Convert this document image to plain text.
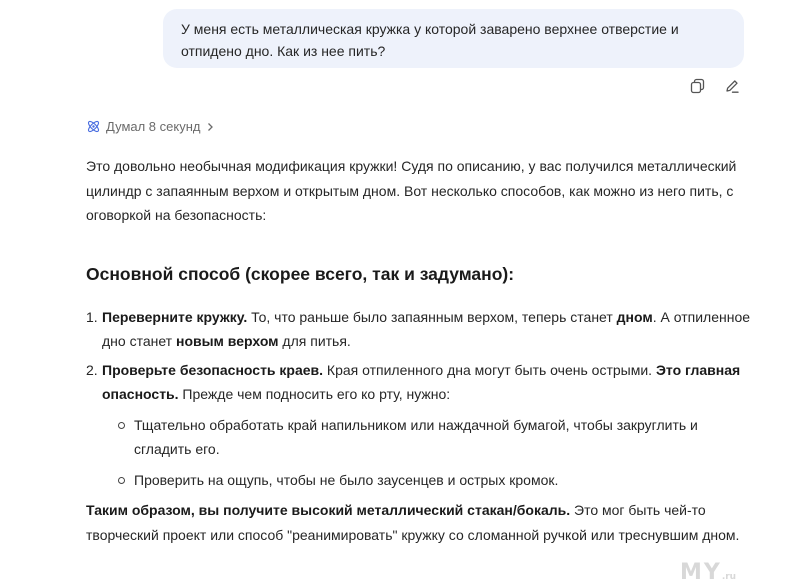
У меня есть металлическая кружка у которой заварено верхнее отверстие и отпидено дно. Как из нее пить?
Думал 8 секунд

Это довольно необычная модификация кружки! Судя по описанию, у вас получился металлический цилиндр с запаянным верхом и открытым дном. Вот несколько способов, как можно из него пить, с оговоркой на безопасность:

Основной способ (скорее всего, так и задумано):
1. Переверните кружку. То, что раньше было запаянным верхом, теперь станет дном. А отпиленное дно станет новым верхом для питья.
2. Проверьте безопасность краев. Края отпиленного дна могут быть очень острыми. Это главная опасность. Прежде чем подносить его ко рту, нужно:
Тщательно обработать край напильником или наждачной бумагой, чтобы закруглить и сгладить его.
Проверить на ощупь, чтобы не было заусенцев и острых кромок.

Таким образом, вы получите высокий металлический стакан/бокаль. Это мог быть чей-то творческий проект или способ "реанимировать" кружку со сломанной ручкой или треснувшим дном.

MY.ru
